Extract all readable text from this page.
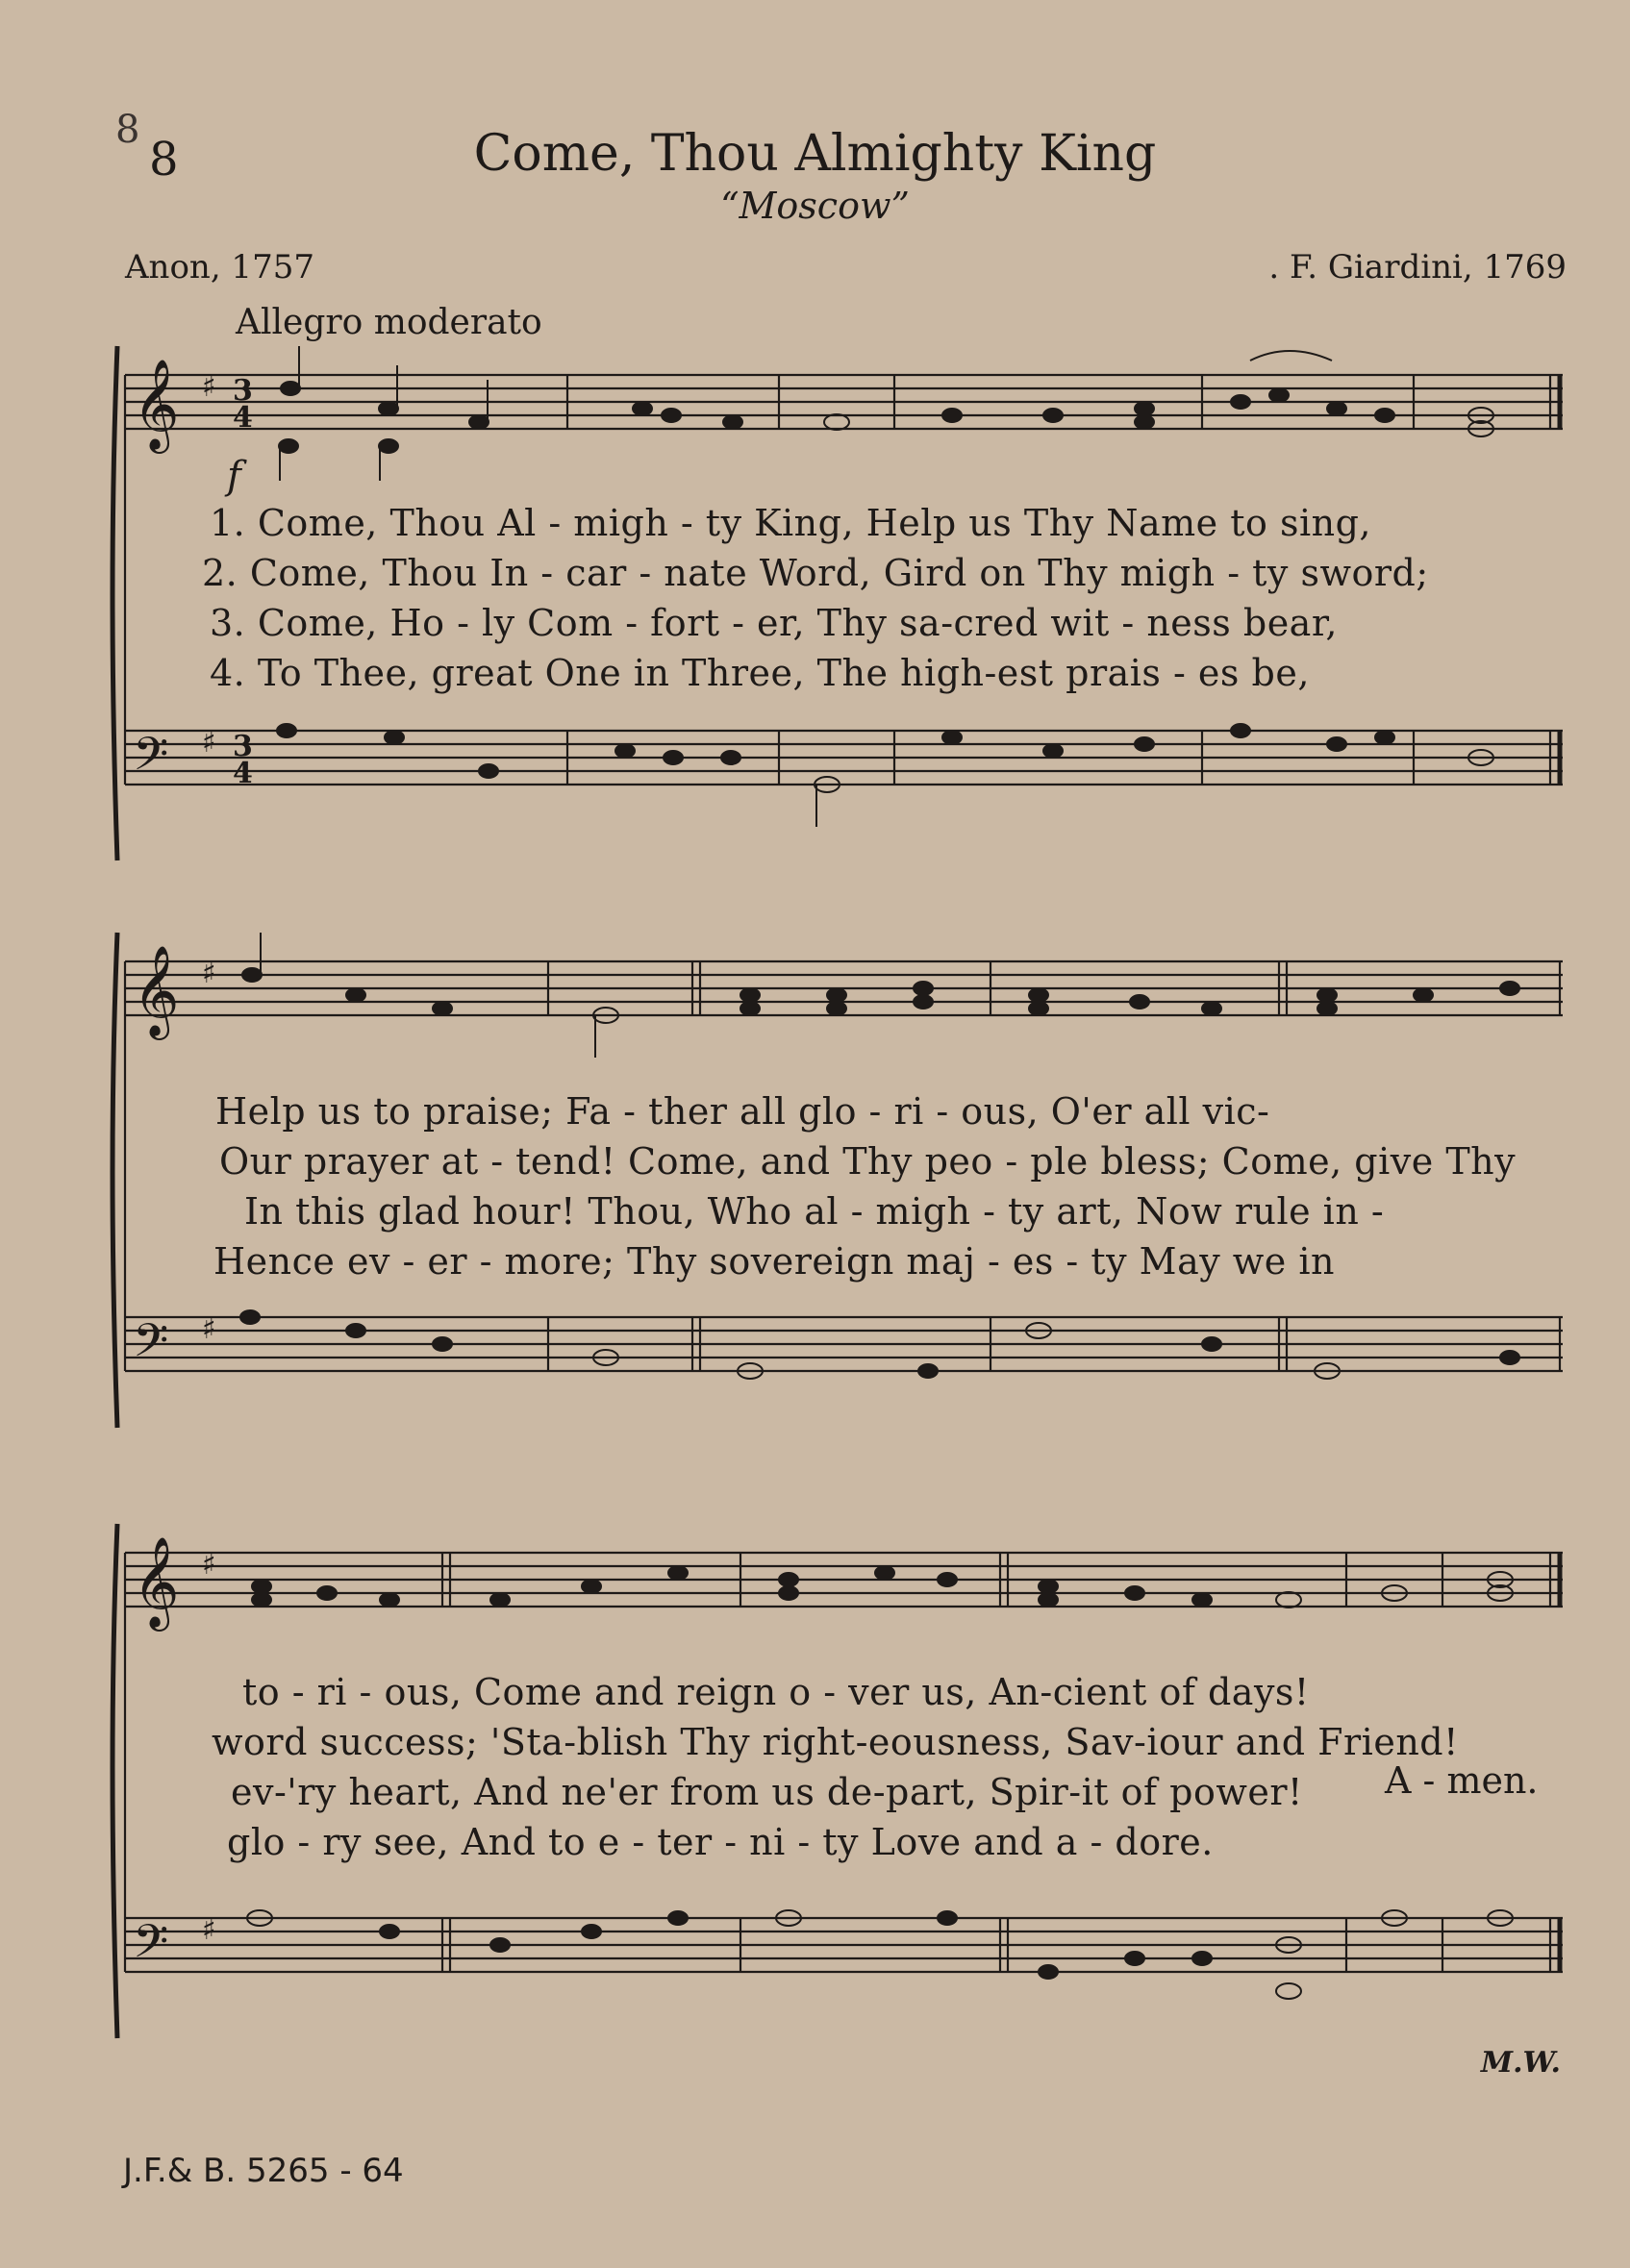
8
8	Come, Thou Almighty King
“Moscow”
Anon, 1757	. F. Giardini, 1769
Allegro moderato
f
𝄞
𝄢
♯
♯
3
4
3
4
1. Come, Thou Al - migh - ty King, Help us Thy Name to sing,
2. Come, Thou In - car - nate Word, Gird on Thy migh - ty sword;
3. Come, Ho - ly Com - fort - er, Thy sa-cred wit - ness bear,
4. To Thee, great One in Three, The high-est prais - es be,
𝄞
𝄢
♯
♯
Help us to praise; Fa - ther all glo - ri - ous, O'er all vic-
Our prayer at - tend! Come, and Thy peo - ple bless; Come, give Thy
In this glad hour! Thou, Who al - migh - ty art, Now rule in -
Hence ev - er - more; Thy sovereign maj - es - ty May we in
𝄞
𝄢
♯
♯
to - ri - ous, Come and reign o - ver us, An-cient of days!
word success; 'Sta-blish Thy right-eousness, Sav-iour and Friend!
ev-'ry heart, And ne'er from us de-part, Spir-it of power!
glo - ry see, And to e - ter - ni - ty Love and a - dore.
A - men.
M.W.
J.F.& B. 5265 - 64
